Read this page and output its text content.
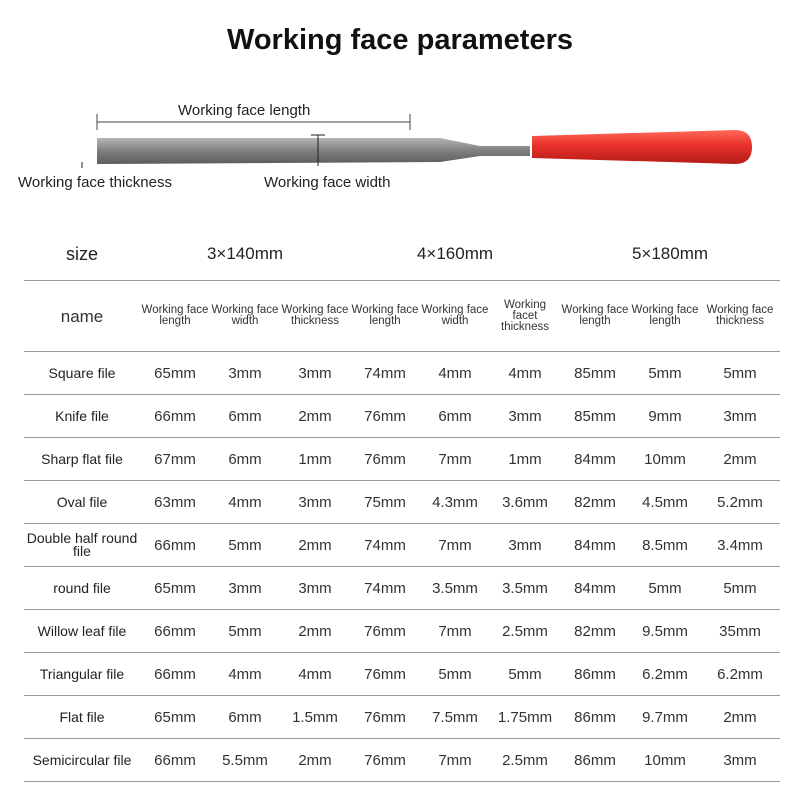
Working face parameters
Working face length
Working face thickness	Working face width
size	3×140mm			4×160mm			5×180mm		
name	Working face length	Working face width	Working face thickness	Working face length	Working face width	Working facet thickness	Working face length	Working face length	Working face thickness
Square file	65mm	3mm	3mm	74mm	4mm	4mm	85mm	5mm	5mm
Knife file	66mm	6mm	2mm	76mm	6mm	3mm	85mm	9mm	3mm
Sharp flat file	67mm	6mm	1mm	76mm	7mm	1mm	84mm	10mm	2mm
Oval file	63mm	4mm	3mm	75mm	4.3mm	3.6mm	82mm	4.5mm	5.2mm
Double half round file	66mm	5mm	2mm	74mm	7mm	3mm	84mm	8.5mm	3.4mm
round file	65mm	3mm	3mm	74mm	3.5mm	3.5mm	84mm	5mm	5mm
Willow leaf file	66mm	5mm	2mm	76mm	7mm	2.5mm	82mm	9.5mm	35mm
Triangular file	66mm	4mm	4mm	76mm	5mm	5mm	86mm	6.2mm	6.2mm
Flat file	65mm	6mm	1.5mm	76mm	7.5mm	1.75mm	86mm	9.7mm	2mm
Semicircular file	66mm	5.5mm	2mm	76mm	7mm	2.5mm	86mm	10mm	3mm
